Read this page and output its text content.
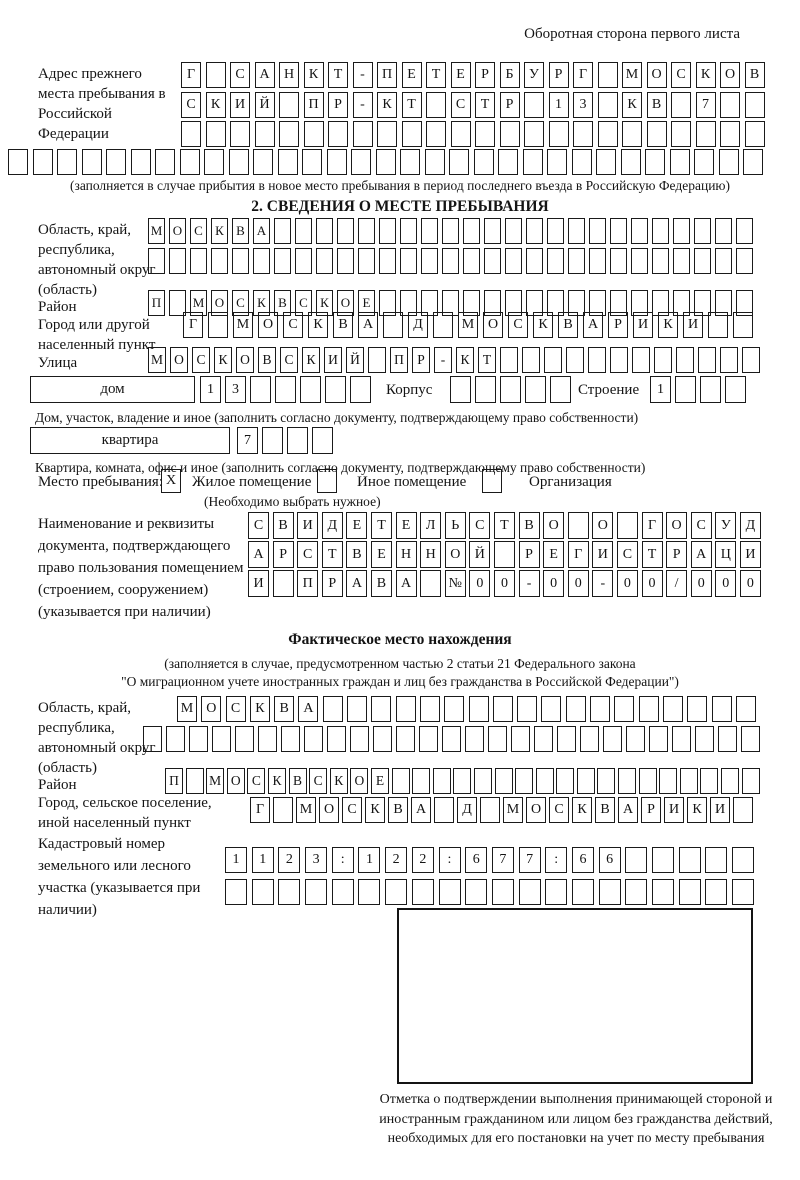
Оборотная сторона первого листа
Адрес прежнего места пребывания в Российской Федерации
Г	С	А	Н	К	Т	-	П	Е	Т	Е	Р	Б	У	Р	Г	М О	С	К	О	В
С	К	И	Й	П	Р	-	К	Т	С	Т	Р	1	3	К	В	7
(заполняется в случае прибытия в новое место пребывания в период последнего въезда в Российскую Федерацию)
2. СВЕДЕНИЯ О МЕСТЕ ПРЕБЫВАНИЯ
Область, край, республика, автономный округ (область)
М О С К В А
Район	П М О С К В С К О Е
Город или другой населенный пункт
Г	М О	С	К	В	А	Д	М О	С	К	В	А	Р	И	К	И
Улица	М О С К О В С К И Й	П Р	-	К Т
дом	1	3	Корпус	Строение	1
Дом, участок, владение и иное (заполнить согласно документу, подтверждающему право собственности)
квартира	7
Квартира, комната, офис и иное (заполнить согласно документу, подтверждающему право собственности)
Место пребывания: X	Жилое помещение	Иное помещение	Организация
(Необходимо выбрать нужное)
Наименование и реквизиты документа, подтверждающего право пользования помещением (строением, сооружением) (указывается при наличии)
С	В	И	Д	Е	Т	Е	Л	Ь	С	Т	В	О	О	Г	О	С	У	Д
А	Р	С	Т	В	Е	Н	Н	О	Й	Р	Е	Г	И	С	Т	Р	А	Ц	И
И	П	Р	А	В	А	№	0	0	-	0	0	-	0	0	/	0	0	0
Фактическое место нахождения
(заполняется в случае, предусмотренном частью 2 статьи 21 Федерального закона
"О миграционном учете иностранных граждан и лиц без гражданства в Российской Федерации")
Область, край, республика, автономный округ (область)
М О	С	К	В	А
Район	П	М О С К В С К О Е
Город, сельское поселение, иной населенный пункт
Г	М О С К В А	Д	М О С К В А	Р	И К И
Кадастровый номер земельного или лесного участка (указывается при наличии)
1	1	2	3	:	1	2	2	:	6	7	7	:	6	6
Отметка о подтверждении выполнения принимающей стороной и иностранным гражданином или лицом без гражданства действий, необходимых для его постановки на учет по месту пребывания
